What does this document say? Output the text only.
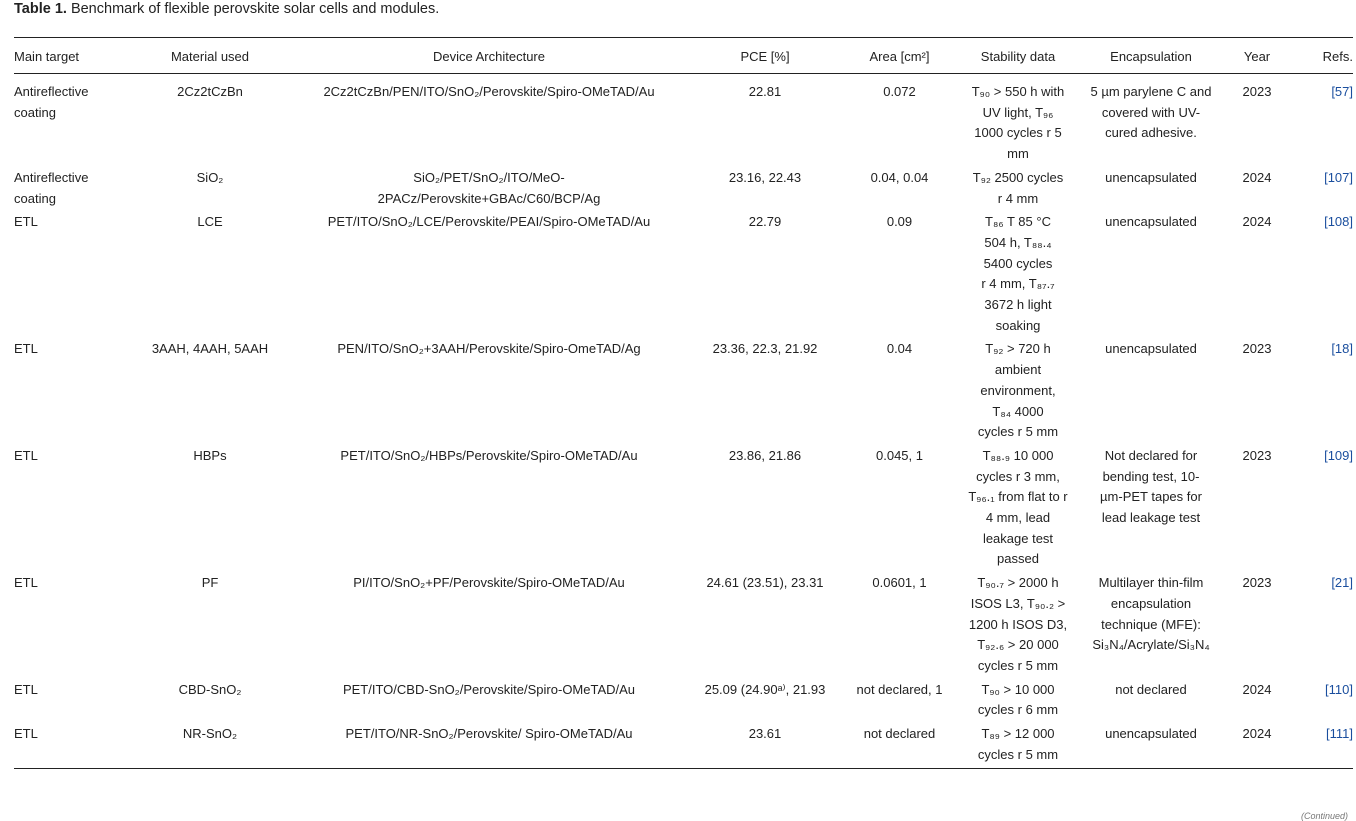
Table 1. Benchmark of flexible perovskite solar cells and modules.
Main target	Material used	Device Architecture	PCE [%]	Area [cm²]	Stability data	Encapsulation	Year	Refs.
Antireflective coating	2Cz2tCzBn	2Cz2tCzBn/PEN/ITO/SnO₂/Perovskite/Spiro-OMeTAD/Au	22.81	0.072	T₉₀ > 550 h with UV light, T₉₆ 1000 cycles r 5 mm	5 µm parylene C and covered with UV-cured adhesive.	2023	[57]
Antireflective coating	SiO₂	SiO₂/PET/SnO₂/ITO/MeO-2PACz/Perovskite+GBAc/C60/BCP/Ag	23.16, 22.43	0.04, 0.04	T₉₂ 2500 cycles r 4 mm	unencapsulated	2024	[107]
ETL	LCE	PET/ITO/SnO₂/LCE/Perovskite/PEAI/Spiro-OMeTAD/Au	22.79	0.09	T₈₆ T 85 °C 504 h, T₈₈.₄ 5400 cycles r 4 mm, T₈₇.₇ 3672 h light soaking	unencapsulated	2024	[108]
ETL	3AAH, 4AAH, 5AAH	PEN/ITO/SnO₂+3AAH/Perovskite/Spiro-OmeTAD/Ag	23.36, 22.3, 21.92	0.04	T₉₂ > 720 h ambient environment, T₈₄ 4000 cycles r 5 mm	unencapsulated	2023	[18]
ETL	HBPs	PET/ITO/SnO₂/HBPs/Perovskite/Spiro-OMeTAD/Au	23.86, 21.86	0.045, 1	T₈₈.₉ 10 000 cycles r 3 mm, T₉₆.₁ from flat to r 4 mm, lead leakage test passed	Not declared for bending test, 10-µm-PET tapes for lead leakage test	2023	[109]
ETL	PF	PI/ITO/SnO₂+PF/Perovskite/Spiro-OMeTAD/Au	24.61 (23.51), 23.31	0.0601, 1	T₉₀.₇ > 2000 h ISOS L3, T₉₀.₂ > 1200 h ISOS D3, T₉₂.₆ > 20 000 cycles r 5 mm	Multilayer thin-film encapsulation technique (MFE): Si₃N₄/Acrylate/Si₃N₄	2023	[21]
ETL	CBD-SnO₂	PET/ITO/CBD-SnO₂/Perovskite/Spiro-OMeTAD/Au	25.09 (24.90ᵃ⁾, 21.93	not declared, 1	T₉₀ > 10 000 cycles r 6 mm	not declared	2024	[110]
ETL	NR-SnO₂	PET/ITO/NR-SnO₂/Perovskite/ Spiro-OMeTAD/Au	23.61	not declared	T₈₉ > 12 000 cycles r 5 mm	unencapsulated	2024	[111]
(Continued)
